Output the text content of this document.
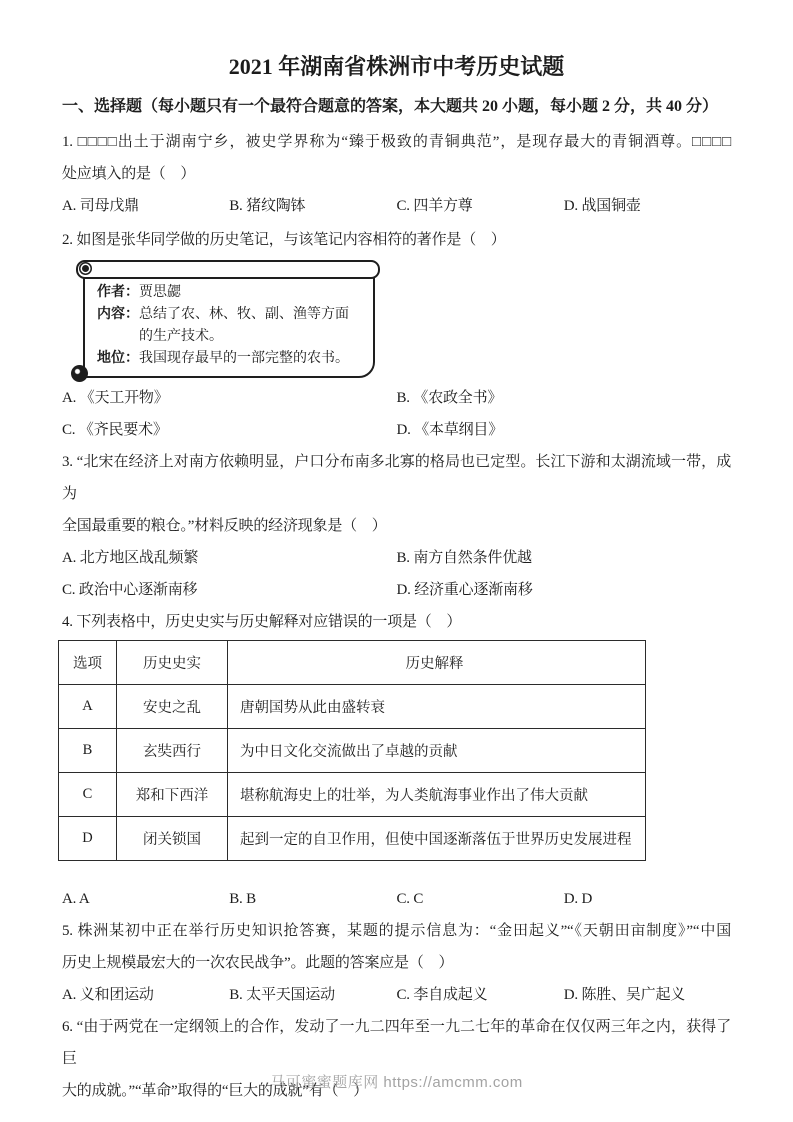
2021 年湖南省株洲市中考历史试题
一、选择题（每小题只有一个最符合题意的答案，本大题共 20 小题，每小题 2 分，共 40 分）

1. □□□□出土于湖南宁乡，被史学界称为“臻于极致的青铜典范”，是现存最大的青铜酒尊。□□□□

处应填入的是（　）

A. 司母戊鼎	B. 猪纹陶钵	C. 四羊方尊	D. 战国铜壶

2. 如图是张华同学做的历史笔记，与该笔记内容相符的著作是（　）

作者：贾思勰
内容：总结了农、林、牧、副、渔等方面
的生产技术。
地位：我国现存最早的一部完整的农书。
A. 《天工开物》	B. 《农政全书》
C. 《齐民要术》	D. 《本草纲目》

3. “北宋在经济上对南方依赖明显，户口分布南多北寡的格局也已定型。长江下游和太湖流域一带，成为

全国最重要的粮仓。”材料反映的经济现象是（　）

A. 北方地区战乱频繁	B. 南方自然条件优越
C. 政治中心逐渐南移	D. 经济重心逐渐南移

4. 下列表格中，历史史实与历史解释对应错误的一项是（　）

选项	历史史实	历史解释
A	安史之乱	唐朝国势从此由盛转衰
B	玄奘西行	为中日文化交流做出了卓越的贡献
C	郑和下西洋	堪称航海史上的壮举，为人类航海事业作出了伟大贡献
D	闭关锁国	起到一定的自卫作用，但使中国逐渐落伍于世界历史发展进程
A. A	B. B	C. C	D. D

5. 株洲某初中正在举行历史知识抢答赛，某题的提示信息为：“金田起义”“《天朝田亩制度》”“中国

历史上规模最宏大的一次农民战争”。此题的答案应是（　）

A. 义和团运动	B. 太平天国运动	C. 李自成起义	D. 陈胜、吴广起义

6. “由于两党在一定纲领上的合作，发动了一九二四年至一九二七年的革命在仅仅两三年之内，获得了巨

大的成就。”“革命”取得的“巨大的成就”有（　）

马可蜜蜜题库网 https://amcmm.com
